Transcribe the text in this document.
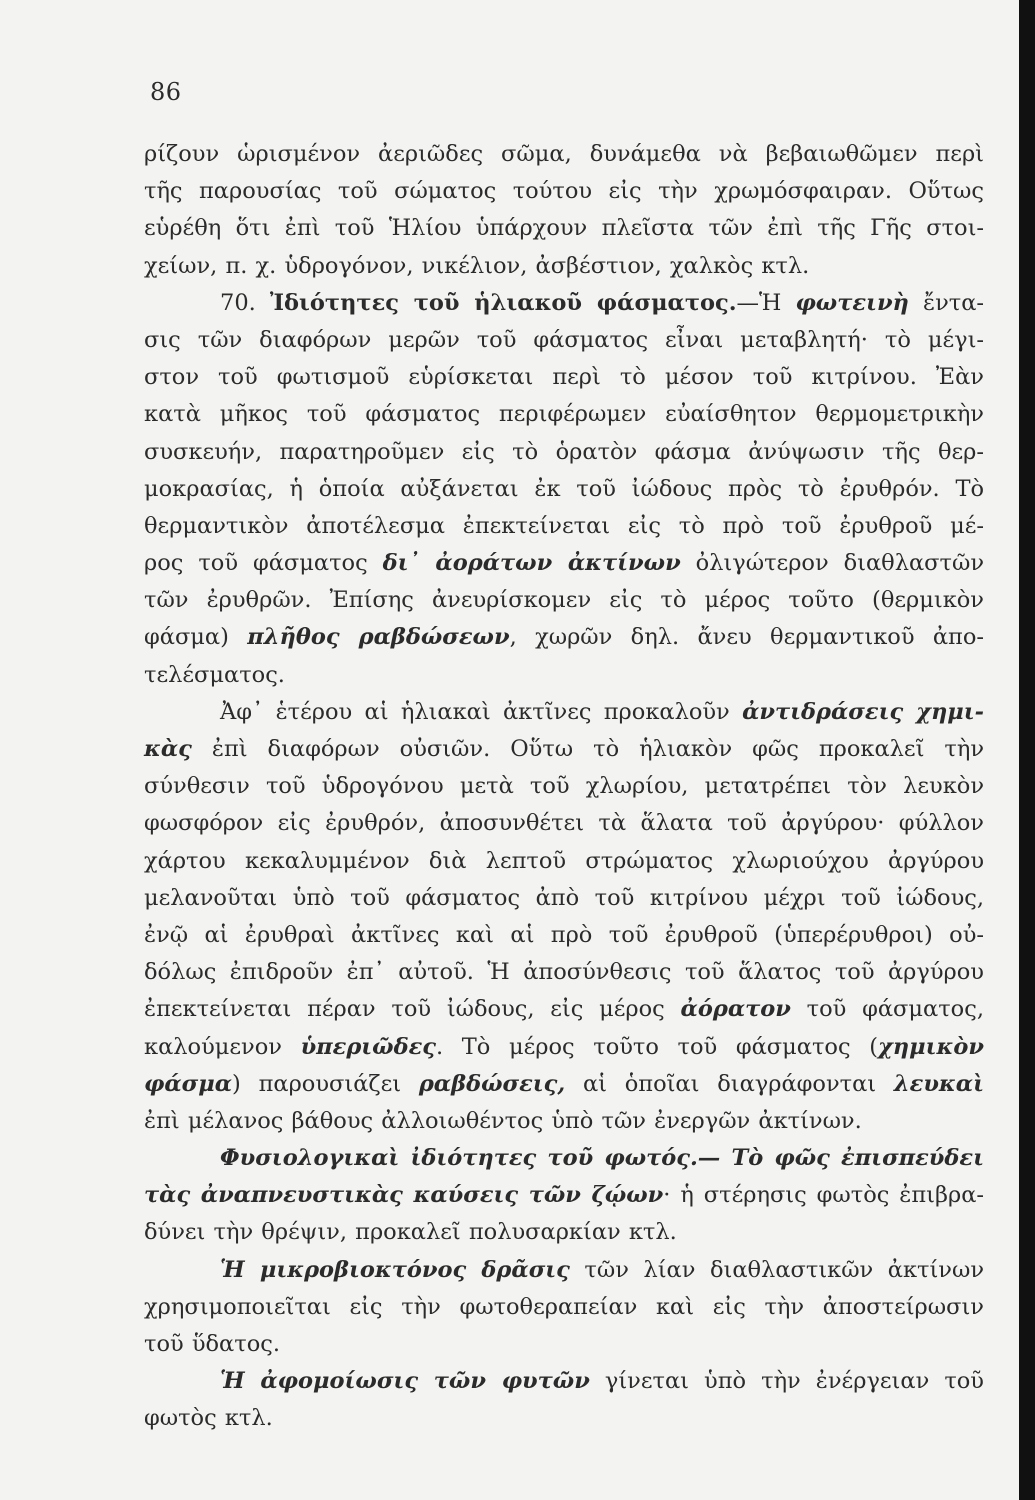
86
ρίζουν ὡρισμένον ἀεριῶδες σῶμα, δυνάμεθα νὰ βεβαιωθῶμεν περὶ
τῆς παρουσίας τοῦ σώματος τούτου εἰς τὴν χρωμόσφαιραν. Οὕτως
εὑρέθη ὅτι ἐπὶ τοῦ Ἡλίου ὑπάρχουν πλεῖστα τῶν ἐπὶ τῆς Γῆς στοι-
χείων, π. χ. ὑδρογόνον, νικέλιον, ἀσβέστιον, χαλκὸς κτλ.
70. Ἰδιότητες τοῦ ἡλιακοῦ φάσματος.—Ἡ φωτεινὴ ἔντα-
σις τῶν διαφόρων μερῶν τοῦ φάσματος εἶναι μεταβλητή· τὸ μέγι-
στον τοῦ φωτισμοῦ εὑρίσκεται περὶ τὸ μέσον τοῦ κιτρίνου. Ἐὰν
κατὰ μῆκος τοῦ φάσματος περιφέρωμεν εὐαίσθητον θερμομετρικὴν
συσκευήν, παρατηροῦμεν εἰς τὸ ὁρατὸν φάσμα ἀνύψωσιν τῆς θερ-
μοκρασίας, ἡ ὁποία αὐξάνεται ἐκ τοῦ ἰώδους πρὸς τὸ ἐρυθρόν. Τὸ
θερμαντικὸν ἀποτέλεσμα ἐπεκτείνεται εἰς τὸ πρὸ τοῦ ἐρυθροῦ μέ-
ρος τοῦ φάσματος δι᾽ ἀοράτων ἀκτίνων ὀλιγώτερον διαθλαστῶν
τῶν ἐρυθρῶν. Ἐπίσης ἀνευρίσκομεν εἰς τὸ μέρος τοῦτο (θερμικὸν
φάσμα) πλῆθος ραβδώσεων, χωρῶν δηλ. ἄνευ θερμαντικοῦ ἀπο-
τελέσματος.
Ἀφ᾽ ἑτέρου αἱ ἡλιακαὶ ἀκτῖνες προκαλοῦν ἀντιδράσεις χημι-
κὰς ἐπὶ διαφόρων οὐσιῶν. Οὕτω τὸ ἡλιακὸν φῶς προκαλεῖ τὴν
σύνθεσιν τοῦ ὑδρογόνου μετὰ τοῦ χλωρίου, μετατρέπει τὸν λευκὸν
φωσφόρον εἰς ἐρυθρόν, ἀποσυνθέτει τὰ ἅλατα τοῦ ἀργύρου· φύλλον
χάρτου κεκαλυμμένον διὰ λεπτοῦ στρώματος χλωριούχου ἀργύρου
μελανοῦται ὑπὸ τοῦ φάσματος ἀπὸ τοῦ κιτρίνου μέχρι τοῦ ἰώδους,
ἐνῷ αἱ ἐρυθραὶ ἀκτῖνες καὶ αἱ πρὸ τοῦ ἐρυθροῦ (ὑπερέρυθροι) οὐ-
δόλως ἐπιδροῦν ἐπ᾽ αὐτοῦ. Ἡ ἀποσύνθεσις τοῦ ἅλατος τοῦ ἀργύρου
ἐπεκτείνεται πέραν τοῦ ἰώδους, εἰς μέρος ἀόρατον τοῦ φάσματος,
καλούμενον ὑπεριῶδες. Τὸ μέρος τοῦτο τοῦ φάσματος (χημικὸν
φάσμα) παρουσιάζει ραβδώσεις, αἱ ὁποῖαι διαγράφονται λευκαὶ
ἐπὶ μέλανος βάθους ἀλλοιωθέντος ὑπὸ τῶν ἐνεργῶν ἀκτίνων.
Φυσιολογικαὶ ἰδιότητες τοῦ φωτός.— Τὸ φῶς ἐπισπεύδει
τὰς ἀναπνευστικὰς καύσεις τῶν ζῴων· ἡ στέρησις φωτὸς ἐπιβρα-
δύνει τὴν θρέψιν, προκαλεῖ πολυσαρκίαν κτλ.
Ἡ μικροβιοκτόνος δρᾶσις τῶν λίαν διαθλαστικῶν ἀκτίνων
χρησιμοποιεῖται εἰς τὴν φωτοθεραπείαν καὶ εἰς τὴν ἀποστείρωσιν
τοῦ ὕδατος.
Ἡ ἀφομοίωσις τῶν φυτῶν γίνεται ὑπὸ τὴν ἐνέργειαν τοῦ
φωτὸς κτλ.
